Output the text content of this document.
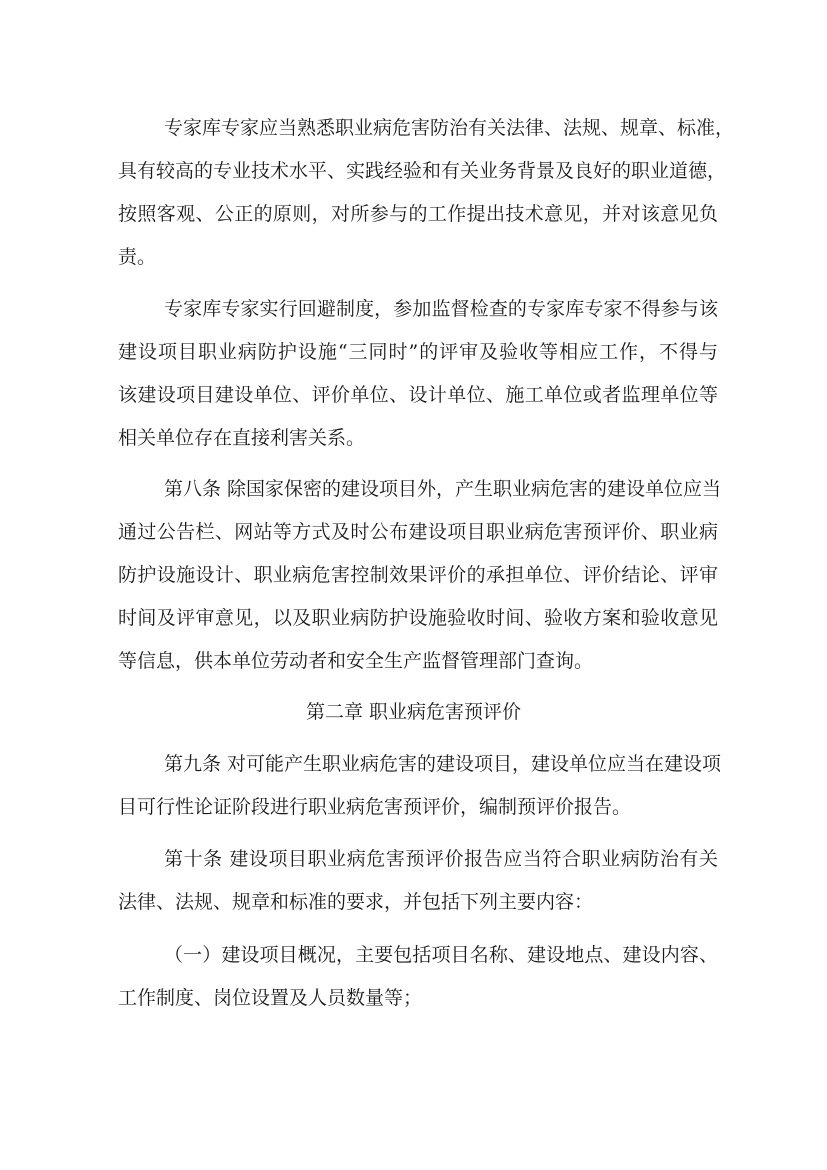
专家库专家应当熟悉职业病危害防治有关法律、法规、规章、标准，
具有较高的专业技术水平、实践经验和有关业务背景及良好的职业道德，
按照客观、公正的原则，对所参与的工作提出技术意见，并对该意见负
责。
专家库专家实行回避制度，参加监督检查的专家库专家不得参与该
建设项目职业病防护设施“三同时”的评审及验收等相应工作，不得与
该建设项目建设单位、评价单位、设计单位、施工单位或者监理单位等
相关单位存在直接利害关系。
第八条 除国家保密的建设项目外，产生职业病危害的建设单位应当
通过公告栏、网站等方式及时公布建设项目职业病危害预评价、职业病
防护设施设计、职业病危害控制效果评价的承担单位、评价结论、评审
时间及评审意见，以及职业病防护设施验收时间、验收方案和验收意见
等信息，供本单位劳动者和安全生产监督管理部门查询。
第二章 职业病危害预评价
第九条 对可能产生职业病危害的建设项目，建设单位应当在建设项
目可行性论证阶段进行职业病危害预评价，编制预评价报告。
第十条 建设项目职业病危害预评价报告应当符合职业病防治有关
法律、法规、规章和标准的要求，并包括下列主要内容：
（一）建设项目概况，主要包括项目名称、建设地点、建设内容、
工作制度、岗位设置及人员数量等；
